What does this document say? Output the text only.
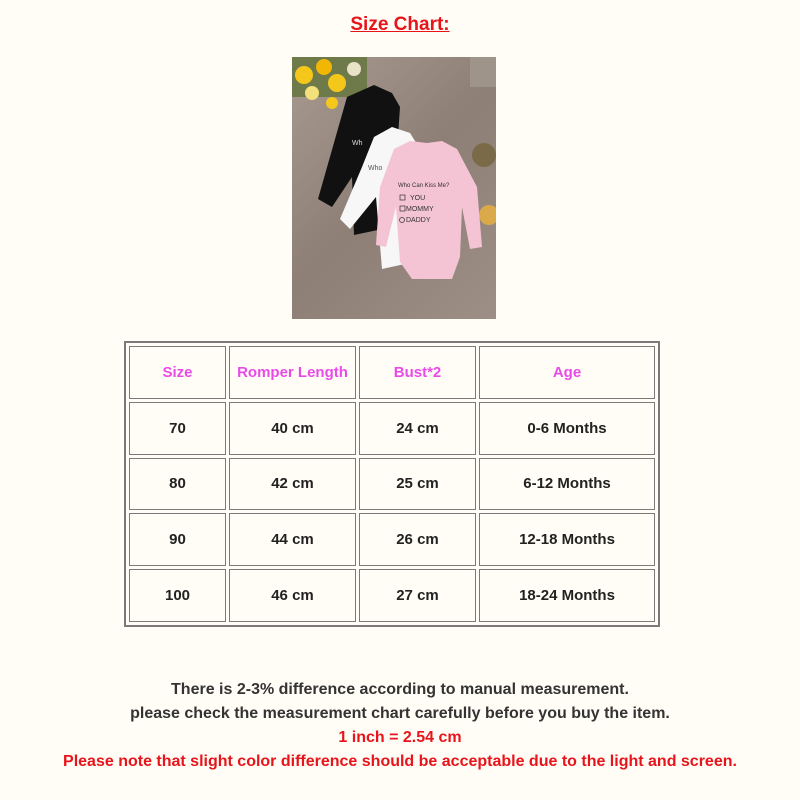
Size Chart:
Wh
Who
Who Can Kiss Me?
YOU
MOMMY
DADDY
Size	Romper Length	Bust*2	Age
70	40 cm	24 cm	0-6 Months
80	42 cm	25 cm	6-12 Months
90	44 cm	26 cm	12-18 Months
100	46 cm	27 cm	18-24 Months
There is 2-3% difference according to manual measurement.
please check the measurement chart carefully before you buy the item.
1 inch = 2.54 cm
Please note that slight color difference should be acceptable due to the light and screen.
